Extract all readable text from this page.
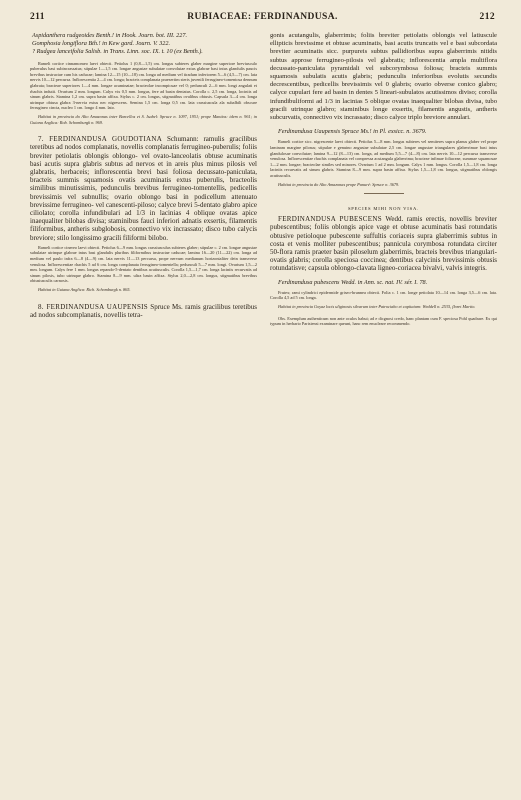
211	RUBIACEAE: FERDINANDUSA.	212

Aspidanthera rudgeoides Benth.! in Hook. Journ. bot. III. 227.

Gomphosia longiflora Bth.! in Kew gard. Journ. V. 322.

? Rudgea lanceifolia Salisb. in Trans. Linn. soc. IX. t. 10 (ex Benth.).

Rameli cortice cinnamomeo laevi obtecti. Petiolus 1 (0,8—1,5) cm. longus subteres glaber margine superiore breviusculo puberulus basi subincrassatus; stipulae 1—1,5 cm. longae angustae subulatae convolutae extus glabrae basi intus glandulis paucis brevibus instructae cum his caducae; lamina 12—15 (10—18) cm. longa ad medium vel tiradum inferiorem 5—6 (4,5—7) cm. lata nervis 10—12 percursa. Inflorescentia 2—4 cm. longa; bracteis complanata praesertim steris juvenili ferrugineo-tomentosa dennum glabrata; bracteae superiores 1—4 mm. longae acuminatae; bracteolae incompicuae vel 0; pedunculi 2—6 mm. longi angulati et rhachis indutii. Ovarium 2 mm. longum. Calyx vix 0,5 mm. longus, fere ad basin dentatus. Corolla c. 2,5 cm. longa, lociniis ad sinum glabris. Stamina 1,2 cm. supra basin affixa. Stylus c. 2 cm. longus, stigmatibus ovalibus obtusis. Capsula 3—4 cm. longa utrinque obtusa glabra 3-nervia extus nec nigrescens. Semina 1,5 cm. longa 0,5 cm. lata crassiuscula ala subalbili obscure ferrugineo cincta, nucleo 1 cm. longo 4 mm. lato.

Habitat in provincia do Alto Amazonas inter Barcellos et S. Isabel: Spruce n. 1097, 1951; prope Manáos: idem n. 961; in Guiana Anglica: Rob. Schomburgk n. 969.

7. FERDINANDUSA GOUDOTIANA Schumann: ramulis gracilibus teretibus ad nodos complanatis, novellis complanatis ferrugineo-puberulis; foliis breviter petiolatis oblongis oblongo- vel ovato-lanceolatis obtuse acuminatis basi acutis supra glabris subtus ad nervos et in areis plus minus pilosis vel glabratis, herbaceis; inflorescentia brevi basi foliosa decussato-paniculata, bracteis summis squamosis ovatis acuminatis extus puberulis, bracteolis similibus minutissimis, pedunculis brevibus ferrugineo-tomentellis, pedicellis brevissimis vel subnullis; ovario oblongo basi in podicellum attenuato brevissime ferrugineo- vel canescenti-piloso; calyce brevi 5-dentato glabro apice ciliolato; corolla infundibulari ad 1/3 in lacinias 4 oblique ovatas apice inaequaliter bilobas divisa; staminibus fauci inferiori adnatis exsertis, filamentis filiformibus, antheris subglobosis, connectivo vix incrassato; disco tubo calycis breviore; stilo longissimo gracili filiformi bilobo.

Rameli cortice cinereo laevi obtecti. Petiolus 6—9 mm. longus crassiusculus subteres glaber; stipulae c. 2 cm. longae angustae subulatae utrinque glabrae intus basi glandulis pluribus filiformibus instructae caducae; lamina 16—20 (11—22) cm. longa ad medium vel paulo infra 6—8 (4—9) cm. lata nervis 11—13 percursa, prope nervum medianum horizontaliter dein transverse venulosa. Inflorescentiae rhachis 5 ad 6 cm. longa complanata ferrugineo-tomentella; pedunculi 5—7 mm. longi. Ovarium 1,5—2 mm. longum. Calyx fere 1 mm. longus repando-5-dentato dentibus acutiusculis. Corolla 1,5—1,7 cm. longa laciniis recurvatis ad sinum pilosis, tubo utrinque glabro. Stamina 8—9 mm. ultra basin affixa. Stylus 2,0—2,8 cm. longus, stigmatibus brevibus obtusiusculis carnosis.

Habitat in Guiana Anglica: Rich. Schomburgk n. 865.

8. FERDINANDUSA UAUPENSIS Spruce Ms. ramis gracilibus teretibus ad nodos subcomplanatis, novellis tetra-

gonis acutangulis, glaberrimis; foliis breviter petiolatis oblongis vel latiuscule ellipticis brevissime et obtuse acuminatis, basi acutis truncatis vel e basi subcordata breviter acuminatis sicc. purpureis subtus pallidioribus supra glaberrimis nitidis subtus approse ferrugineo-pilosis vel glabratis; inflorescentia ampla multiflora decussato-paniculata pyramidali vel subcorymbosa foliosa; bracteis summis squamosis subulatis acutis glabris; pedunculis inferioribus evolutis secundis decrescentibus, pedicellis brevissimis vel 0 glabris; ovario obverse conico glabro; calyce cupulari fere ad basin in dentes 5 lineari-subulatos acutissimos diviso; corolla infundibuliformi ad 1/3 in lacinias 5 oblique ovatas inaequaliter bilobas divisa, tubo gracili utrinque glabro; staminibus longe exsertis, filamentis angustis, antheris subcurvatis, connectivo vix incrassato; disco calyce triplo breviore annulari.

Ferdinandusa Uaupensis Spruce Ms.! in Pl. exsicc. n. 3679.

Rameli cortice sicc. nigrescente laevi obtecti. Petiolus 5—8 mm. longus subteres vel semiteres supra planus glaber vel prope laminam margine pilosus; stipulae e genuino angustae subulatae 2,5 cm. longae angustae triangulares glaberrimae basi intus glandulosae convolutae; lamina 9—12 (8—13) cm. longa, ad medium 5,5—7 (4—8) cm. lata nervis 10—12 percursa transverse venulosa. Inflorescentiae rhachis complanata vel compressa acutangula glaberrima; bracteae infimae foliaceae, summae squamosae 1—2 mm. longae; bracteolae similes sed minores. Ovarium 1 ad 2 mm. longum. Calyx 1 mm. longus. Corolla 1,5—1,8 cm. longa laciniis recurvatis ad sinum glabris. Stamina 8—9 mm. supra basin affixa. Stylus 1,5—1,8 cm. longus, stigmatibus oblongis acutiusculis.

Habitat in provincia do Alto Amazonas prope Panuré: Spruce n. 3679.

SPECIES MIHI NON VISA.

FERDINANDUSA PUBESCENS Wedd. ramis erectis, novellis breviter pubescentibus; foliis oblongis apice vage et obtuse acuminatis basi rotundatis obtusive petioloque pubescente suffultis coriaceis supra glaberrimis subtus in costa et venis molliter pubescentibus; panniculа corymbosa rotundata circiter 50-flora ramis praeter basin piloselum glaberrimis, bracteis brevibus triangulari-ovatis glabris; corolla speciosa coccinea; dentibus calycinis brevissimis obtusis rotundatisve; capsula oblongo-clavata ligneo-coriacea bivalvi, valvis integris.

Ferdinandusa pubescens Wedd. in Ann. sc. nat. IV. sér. I. 78.

Frutex; rami cylindrici epidermide griseo-brunnea obtecti. Folia c. 1 cm. longe petiolata 10—14 cm. longa 3,5—6 cm. lata. Corolla 4,5 ad 5 cm. longa.

Habitat in provincia Goyaz locis uliginosis silvarum inter Patrociaho et capitaiam: Weddell n. 2535, floret Martio.

Obs. Exemplum authenticum non ante oculos habui; ad e dicgnosi credo, hanc plantam cum F. speciosa Pohl quadrare. Ex qui typum in herbario Parisiensi examinare queunt, hanc rem enucleare recommendo.
